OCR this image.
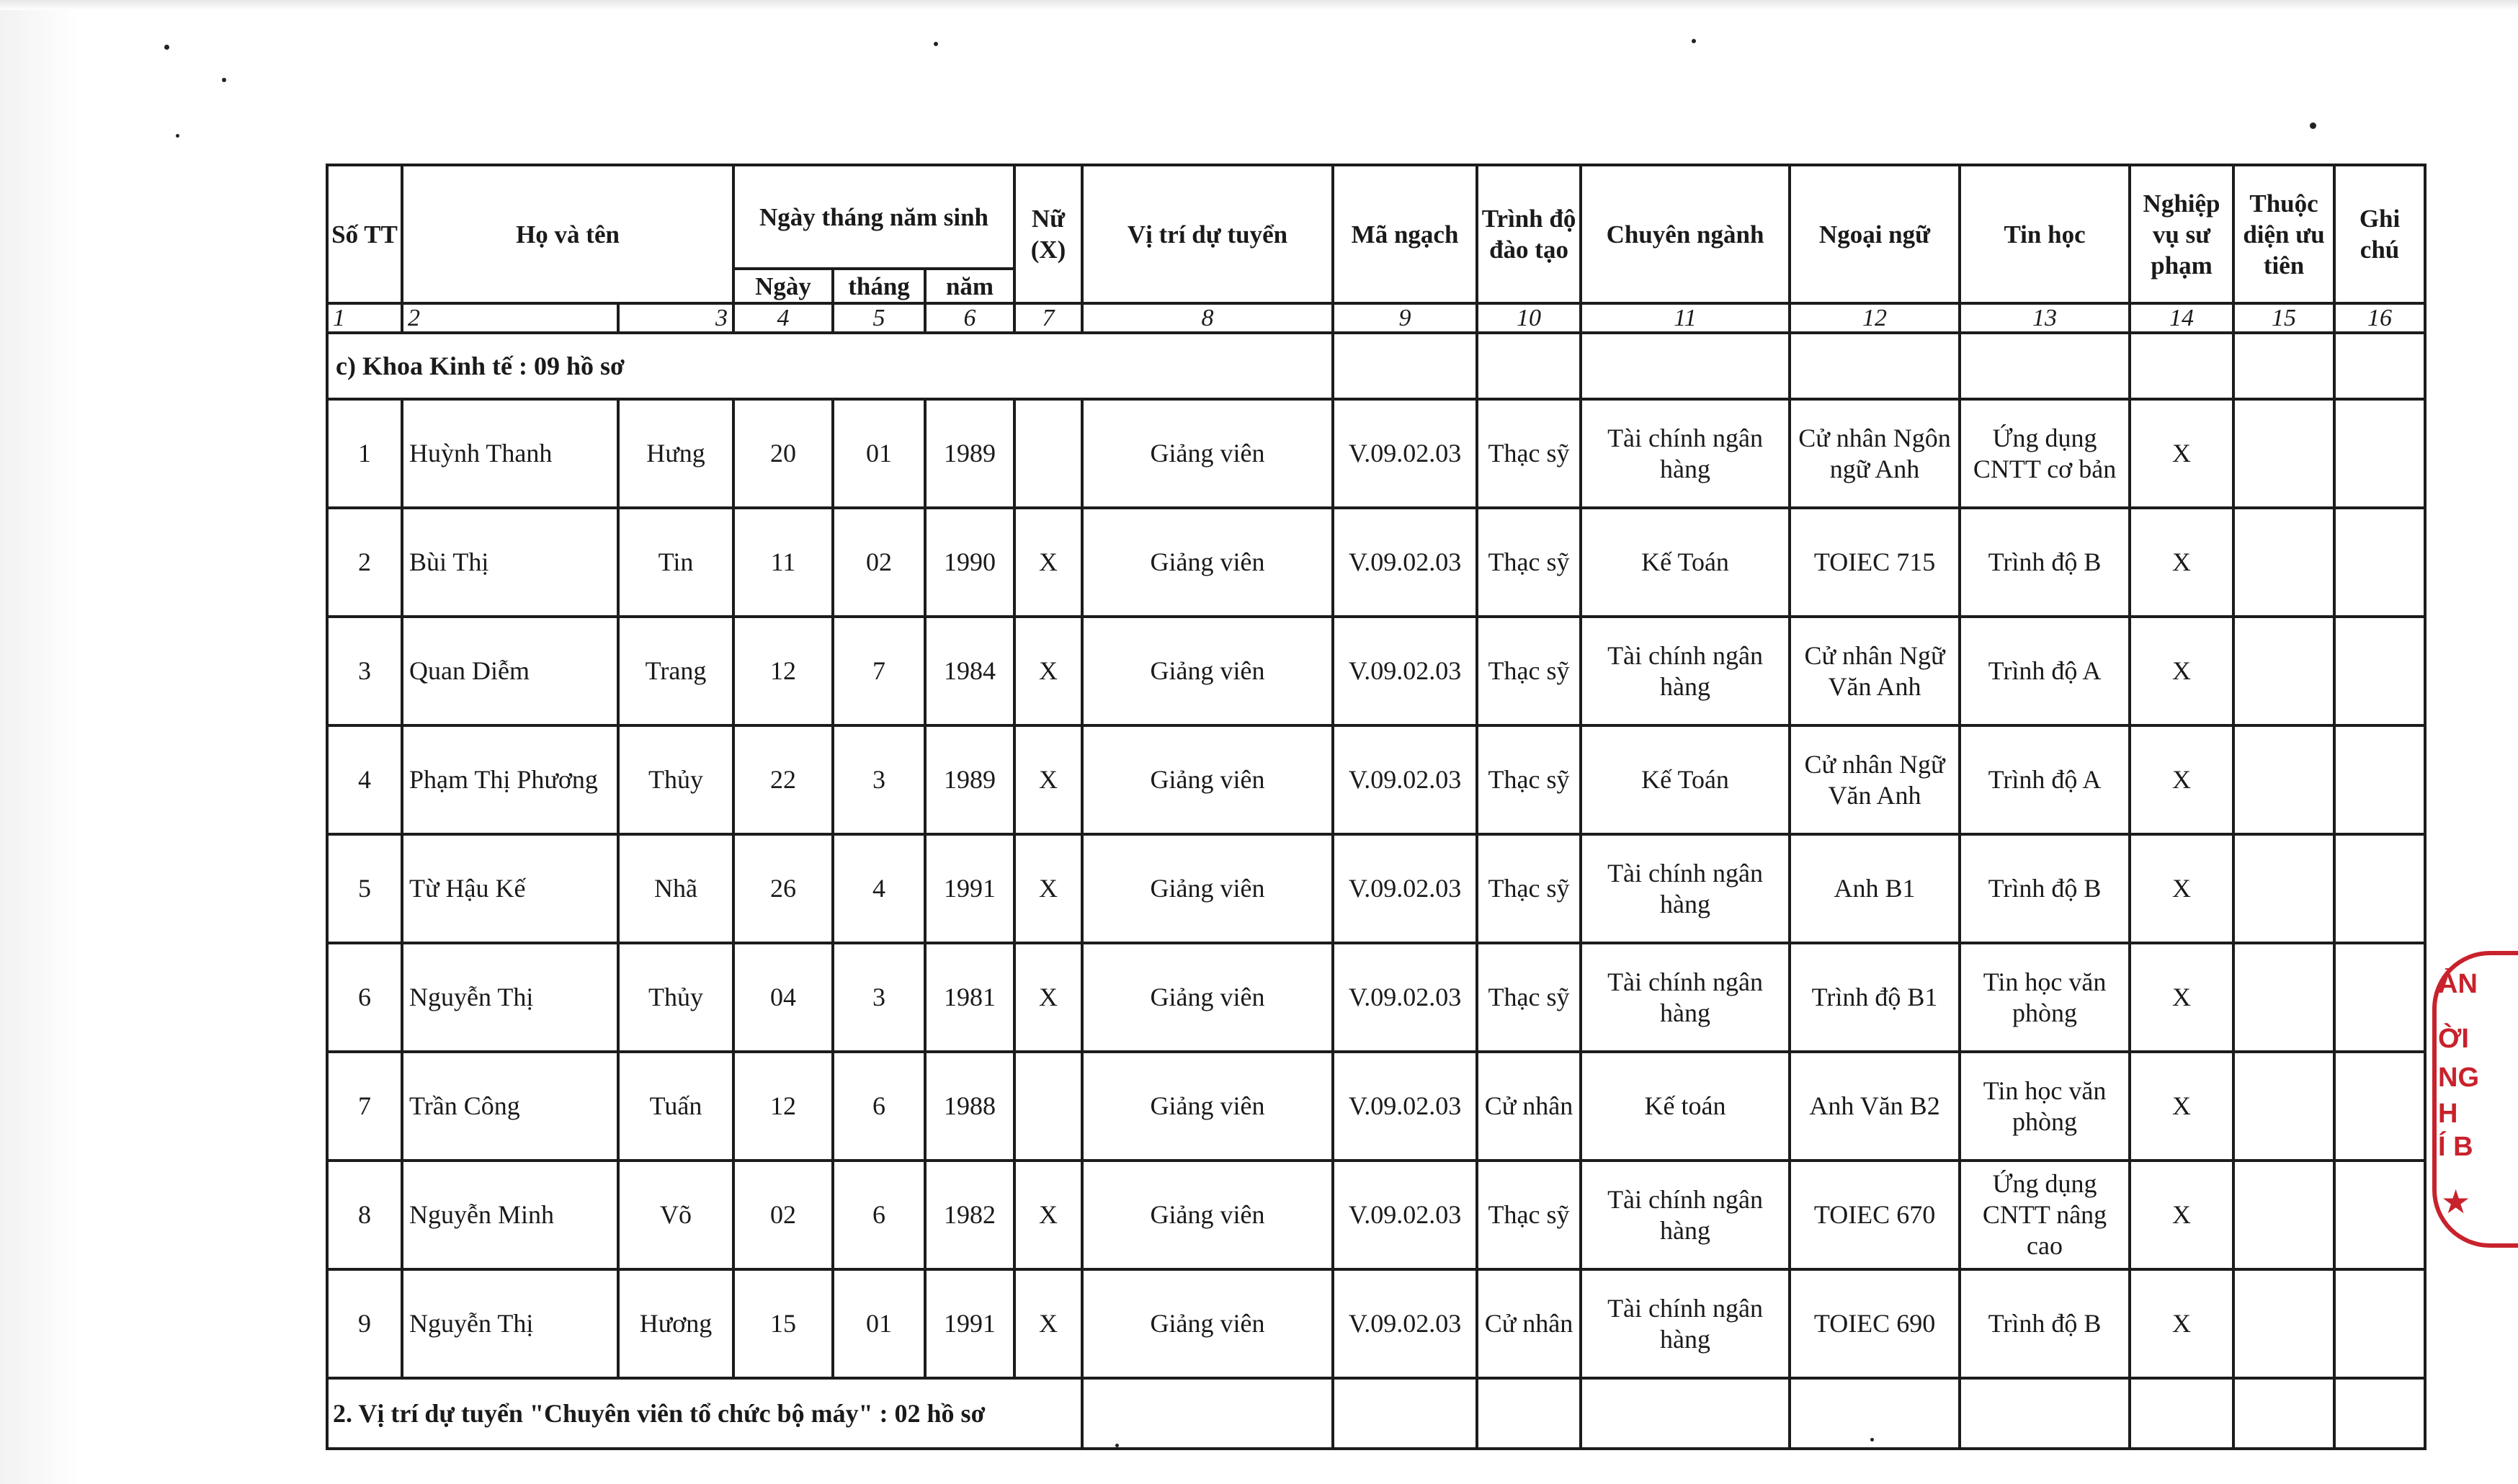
Số TT	Họ và tên		Ngày tháng năm sinh			Nữ (X)	Vị trí dự tuyển	Mã ngạch	Trình độ đào tạo	Chuyên ngành	Ngoại ngữ	Tin học	Nghiệp vụ sư phạm	Thuộc diện ưu tiên	Ghi chú
			Ngày	tháng	năm										
1	2	3	4	5	6	7	8	9	10	11	12	13	14	15	16
c) Khoa Kinh tế : 09 hồ sơ															
1	Huỳnh Thanh	Hưng	20	01	1989		Giảng viên	V.09.02.03	Thạc sỹ	Tài chính ngân hàng	Cử nhân Ngôn ngữ Anh	Ứng dụng CNTT cơ bản	X		
2	Bùi Thị	Tin	11	02	1990	X	Giảng viên	V.09.02.03	Thạc sỹ	Kế Toán	TOIEC 715	Trình độ B	X		
3	Quan Diễm	Trang	12	7	1984	X	Giảng viên	V.09.02.03	Thạc sỹ	Tài chính ngân hàng	Cử nhân Ngữ Văn Anh	Trình độ A	X		
4	Phạm Thị Phương	Thủy	22	3	1989	X	Giảng viên	V.09.02.03	Thạc sỹ	Kế Toán	Cử nhân Ngữ Văn Anh	Trình độ A	X		
5	Từ Hậu Kế	Nhã	26	4	1991	X	Giảng viên	V.09.02.03	Thạc sỹ	Tài chính ngân hàng	Anh B1	Trình độ B	X		
6	Nguyễn Thị	Thủy	04	3	1981	X	Giảng viên	V.09.02.03	Thạc sỹ	Tài chính ngân hàng	Trình độ B1	Tin học văn phòng	X		
7	Trần Công	Tuấn	12	6	1988		Giảng viên	V.09.02.03	Cử nhân	Kế toán	Anh Văn B2	Tin học văn phòng	X		
8	Nguyễn Minh	Võ	02	6	1982	X	Giảng viên	V.09.02.03	Thạc sỹ	Tài chính ngân hàng	TOIEC 670	Ứng dụng CNTT nâng cao	X		
9	Nguyễn Thị	Hương	15	01	1991	X	Giảng viên	V.09.02.03	Cử nhân	Tài chính ngân hàng	TOIEC 690	Trình độ B	X		
2. Vị trí dự tuyển "Chuyên viên tổ chức bộ máy" : 02 hồ sơ															
ẢN
ỜI
NG
H
Í B
★
